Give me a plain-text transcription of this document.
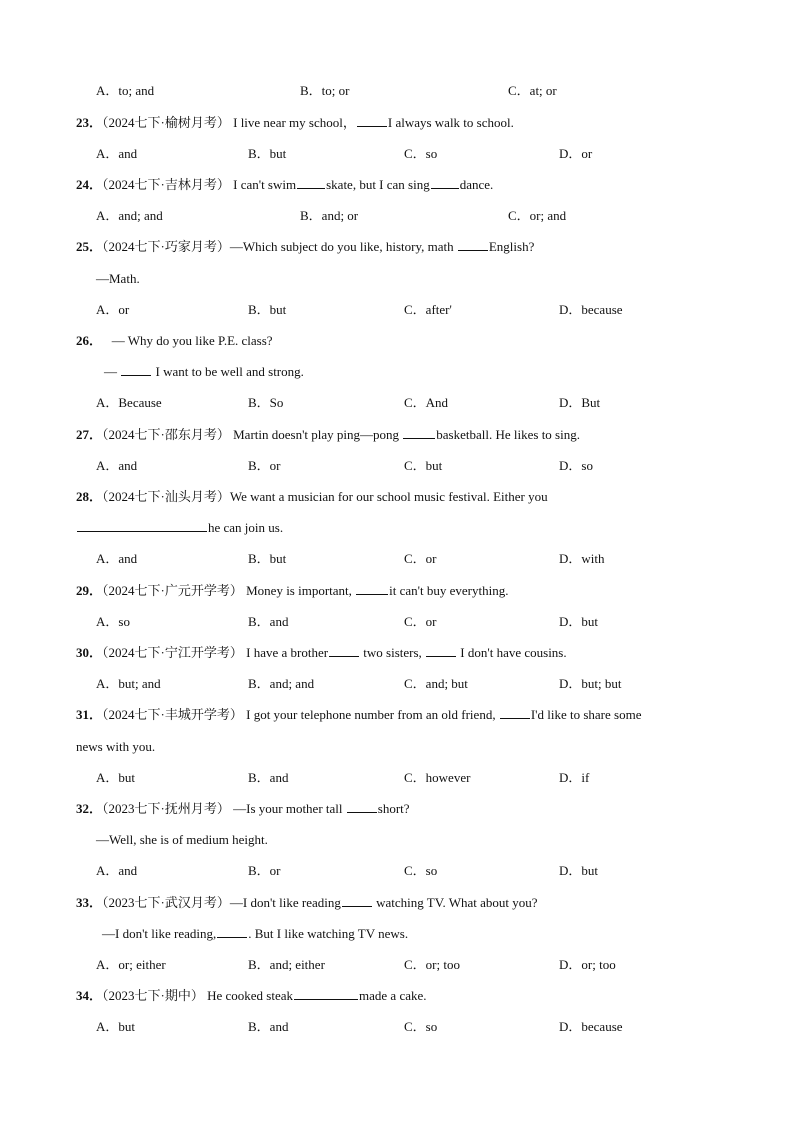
A．to; and	B．to; or	C．at; or
23．（2024七下·榆树月考） I live near my school， I always walk to school.
A．and	B．but	C．so	D．or
24．（2024七下·吉林月考） I can't swim skate, but I can sing dance.
A．and; and	B．and; or	C．or; and
25．（2024七下·巧家月考）—Which subject do you like, history, math	English?
—Math.
A．or	B．but	C．after'	D．because
26． — Why do you like P.E. class?
—	I want to be well and strong.
A．Because	B．So	C．And	D．But
27．（2024七下·邵东月考） Martin doesn't play ping—pong	basketball. He likes to sing.
A．and	B．or	C．but	D．so
28．（2024七下·汕头月考）We want a musician for our school music festival. Either you
he can join us.
A．and	B．but	C．or	D．with
29．（2024七下·广元开学考） Money is important,	it can't buy everything.
A．so	B．and	C．or	D．but
30．（2024七下·宁江开学考） I have a brother	two sisters,	I don't have cousins.
A．but; and	B．and; and	C．and; but	D．but; but
31．（2024七下·丰城开学考） I got your telephone number from an old friend,	I'd like to share some
news with you.
A．but	B．and	C．however	D．if
32．（2023七下·抚州月考） —Is your mother tall	short?
—Well, she is of medium height.
A．and	B．or	C．so	D．but
33．（2023七下·武汉月考）—I don't like reading	watching TV. What about you?
—I don't like reading, . But I like watching TV news.
A．or; either	B．and; either	C．or; too	D．or; too
34．（2023七下·期中） He cooked steak	made a cake.
A．but	B．and	C．so	D．because
